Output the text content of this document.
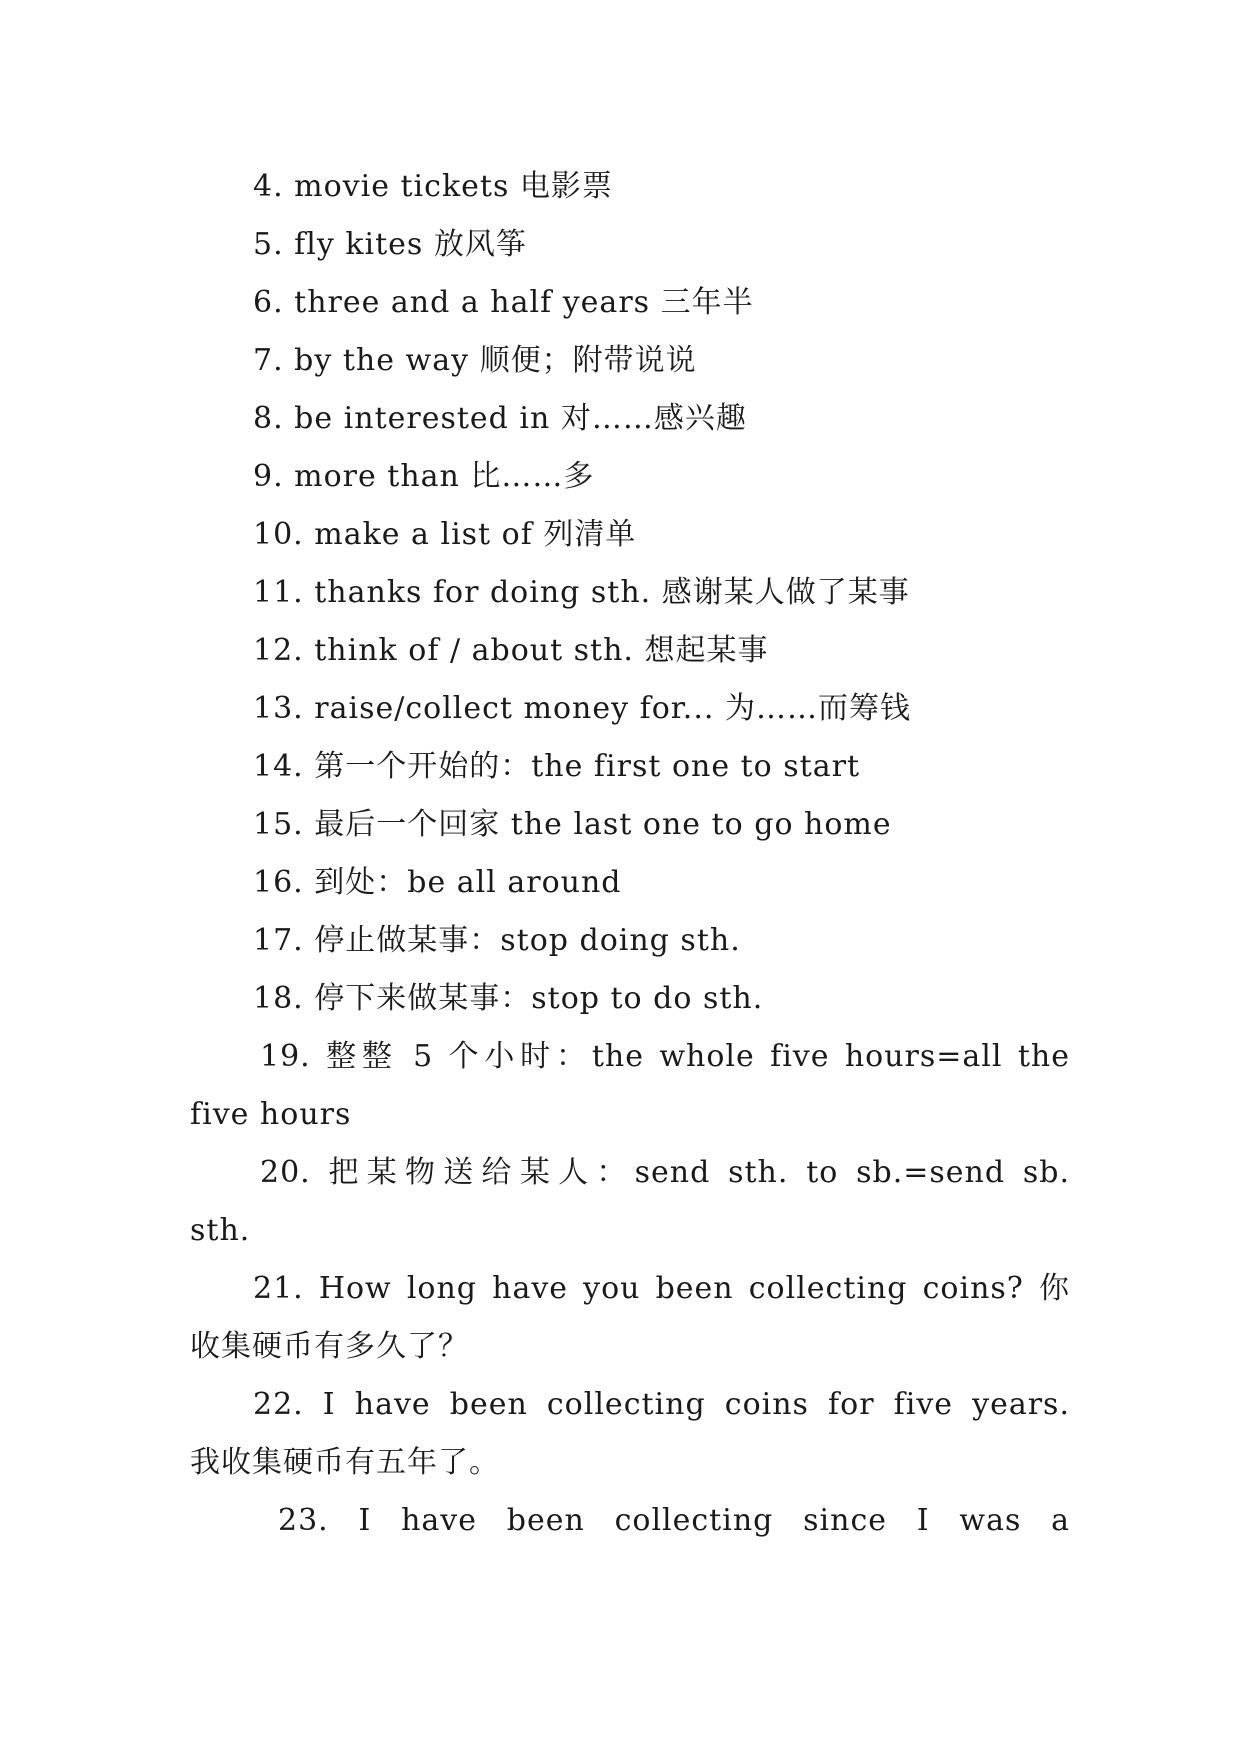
4. movie tickets 电影票
5. fly kites 放风筝
6. three and a half years 三年半
7. by the way 顺便；附带说说
8. be interested in 对……感兴趣
9. more than 比……多
10. make a list of 列清单
11. thanks for doing sth. 感谢某人做了某事
12. think of / about sth. 想起某事
13. raise/collect money for... 为……而筹钱
14. 第一个开始的：the first one to start
15. 最后一个回家 the last one to go home
16. 到处：be all around
17. 停止做某事：stop doing sth.
18. 停下来做某事：stop to do sth.
19. 整整 5 个小时：the whole five hours=all the
five hours
20. 把某物送给某人：send sth. to sb.=send sb.
sth.
21. How long have you been collecting coins? 你
收集硬币有多久了？
22. I have been collecting coins for five years.
我收集硬币有五年了。
23. I have been collecting since I was a
